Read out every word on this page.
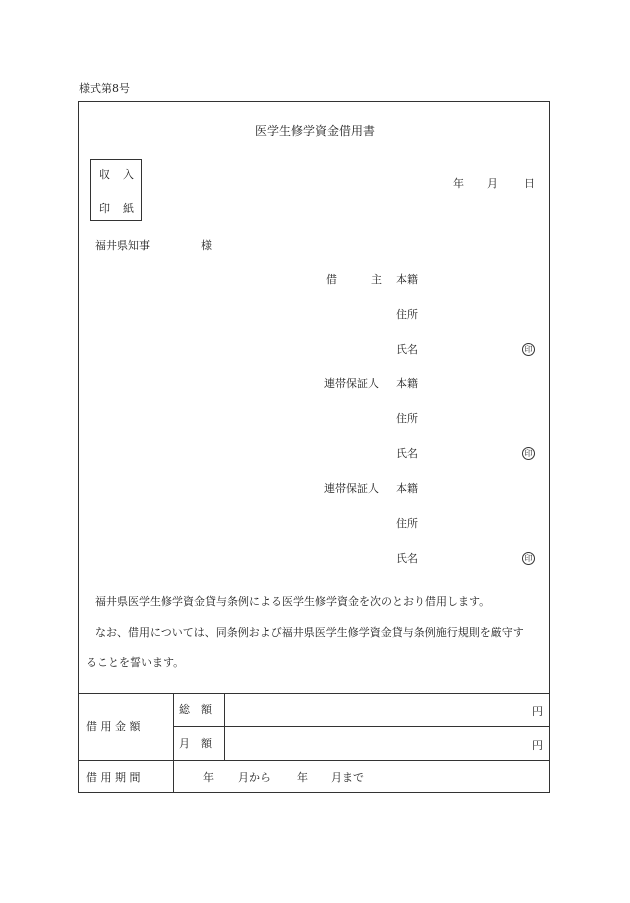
様式第8号
医学生修学資金借用書
収 入
印 紙
年 月 日
福井県知事	様
借	主 本籍
住所
氏名	印
連帯保証人 本籍
住所
氏名	印
連帯保証人 本籍
住所
氏名	印
福井県医学生修学資金貸与条例による医学生修学資金を次のとおり借用します。
なお、借用については、同条例および福井県医学生修学資金貸与条例施行規則を厳守す
ることを誓います。
借 用 金 額
総　額	円
月　額	円
借 用 期 間	年 月から 年 月まで
